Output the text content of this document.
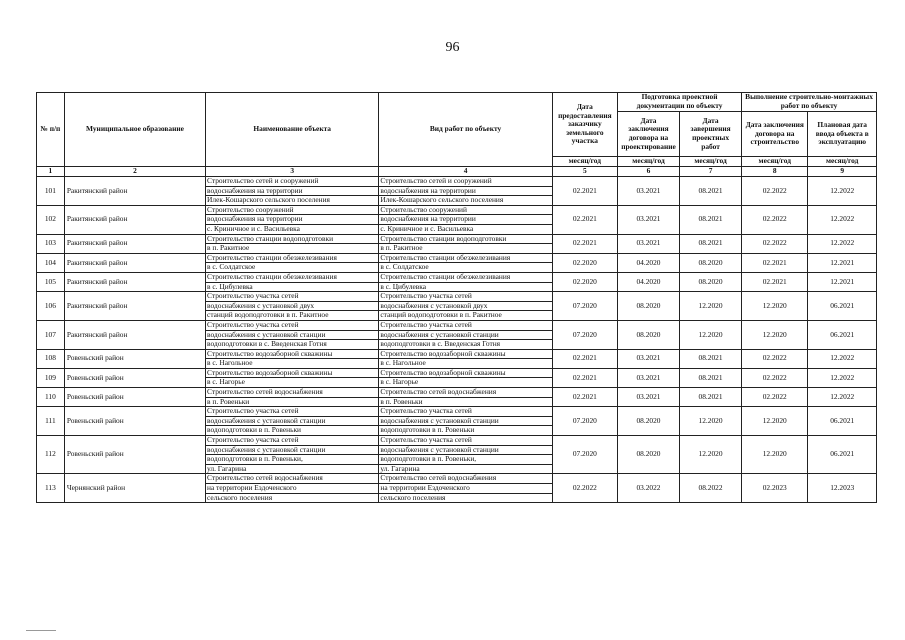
96
№ п/п	Муниципальное образование	Наименование объекта	Вид работ по объекту	Дата предоставления заказчику земельного участка	Подготовка проектной документации по объекту		Выполнение строительно-монтажных работ по объекту	
					Дата заключения договора на проектирование	Дата завершения проектных работ	Дата заключения договора на строительство	Плановая дата ввода объекта в эксплуатацию
				месяц/год	месяц/год	месяц/год	месяц/год	месяц/год
1	2	3	4	5	6	7	8	9
101	Ракитянский район	Строительство сетей и сооружений
водоснабжения на территории
Илек-Кошарского сельского поселения	Строительство сетей и сооружений
водоснабжения на территории
Илек-Кошарского сельского поселения	02.2021	03.2021	08.2021	02.2022	12.2022
102	Ракитянский район	Строительство сооружений
водоснабжения на территории
с. Криничное и с. Васильевка	Строительство сооружений
водоснабжения на территории
с. Криничное и с. Васильевка	02.2021	03.2021	08.2021	02.2022	12.2022
103	Ракитянский район	Строительство станции водоподготовки
в п. Ракитное	Строительство станции водоподготовки
в п. Ракитное	02.2021	03.2021	08.2021	02.2022	12.2022
104	Ракитянский район	Строительство станции обезжелезивания
в с. Солдатское	Строительство станции обезжелезивания
в с. Солдатское	02.2020	04.2020	08.2020	02.2021	12.2021
105	Ракитянский район	Строительство станции обезжелезивания
в с. Цибулевка	Строительство станции обезжелезивания
в с. Цибулевка	02.2020	04.2020	08.2020	02.2021	12.2021
106	Ракитянский район	Строительство участка сетей
водоснабжения с установкой двух
станций водоподготовки в п. Ракитное	Строительство участка сетей
водоснабжения с установкой двух
станций водоподготовки в п. Ракитное	07.2020	08.2020	12.2020	12.2020	06.2021
107	Ракитянский район	Строительство участка сетей
водоснабжения с установкой станции
водоподготовки в с. Введенская Готня	Строительство участка сетей
водоснабжения с установкой станции
водоподготовки в с. Введенская Готня	07.2020	08.2020	12.2020	12.2020	06.2021
108	Ровеньский район	Строительство водозаборной скважины
в с. Нагольное	Строительство водозаборной скважины
в с. Нагольное	02.2021	03.2021	08.2021	02.2022	12.2022
109	Ровеньский район	Строительство водозаборной скважины
в с. Нагорье	Строительство водозаборной скважины
в с. Нагорье	02.2021	03.2021	08.2021	02.2022	12.2022
110	Ровеньский район	Строительство сетей водоснабжения
в п. Ровеньки	Строительство сетей водоснабжения
в п. Ровеньки	02.2021	03.2021	08.2021	02.2022	12.2022
111	Ровеньский район	Строительство участка сетей
водоснабжения с установкой станции
водоподготовки в п. Ровеньки	Строительство участка сетей
водоснабжения с установкой станции
водоподготовки в п. Ровеньки	07.2020	08.2020	12.2020	12.2020	06.2021
112	Ровеньский район	Строительство участка сетей
водоснабжения с установкой станции
водоподготовки в п. Ровеньки,
ул. Гагарина	Строительство участка сетей
водоснабжения с установкой станции
водоподготовки в п. Ровеньки,
ул. Гагарина	07.2020	08.2020	12.2020	12.2020	06.2021
113	Чернянский район	Строительство сетей водоснабжения
на территории Ездоченского
сельского поселения	Строительство сетей водоснабжения
на территории Ездоченского
сельского поселения	02.2022	03.2022	08.2022	02.2023	12.2023
